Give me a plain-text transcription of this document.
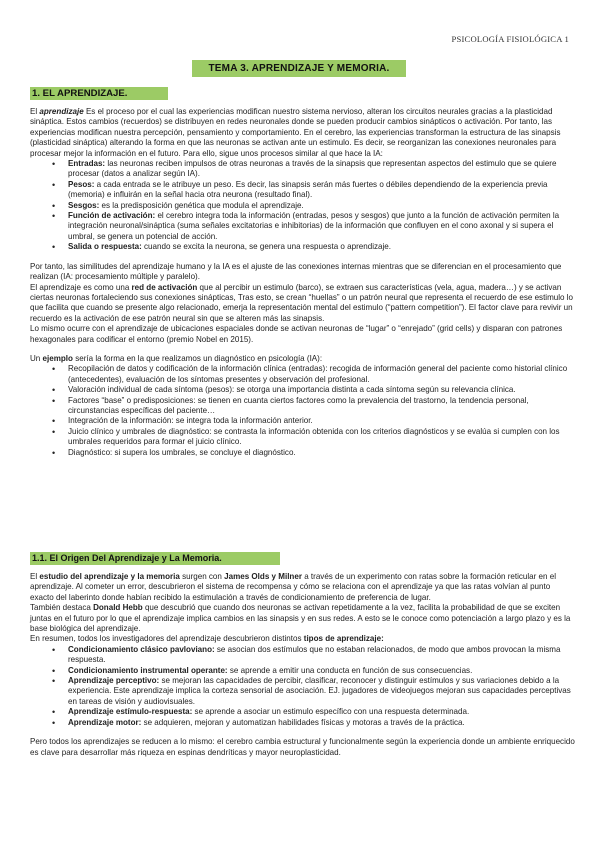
PSICOLOGÍA FISIOLÓGICA 1
TEMA 3. APRENDIZAJE Y MEMORIA.
1. EL APRENDIZAJE.

El aprendizaje Es el proceso por el cual las experiencias modifican nuestro sistema nervioso, alteran los circuitos neurales gracias a la plasticidad sináptica. Estos cambios (recuerdos) se distribuyen en redes neuronales donde se pueden producir cambios sinápticos o activación. Por tanto, las experiencias modifican nuestra percepción, pensamiento y comportamiento. En el cerebro, las experiencias transforman la estructura de las sinapsis (plasticidad sináptica) alterando la forma en que las neuronas se activan ante un estimulo. Es decir, se reorganizan las conexiones neuronales para procesar mejor la información en el futuro. Para ello, sigue unos procesos similar al que hace la IA:

• Entradas: las neuronas reciben impulsos de otras neuronas a través de la sinapsis que representan aspectos del estimulo que se quiere procesar (datos a analizar según IA).
• Pesos: a cada entrada se le atribuye un peso. Es decir, las sinapsis serán más fuertes o débiles dependiendo de la experiencia previa (memoria) e influirán en la señal hacia otra neurona (resultado final).
• Sesgos: es la predisposición genética que modula el aprendizaje.
• Función de activación: el cerebro integra toda la información (entradas, pesos y sesgos) que junto a la función de activación permiten la integración neuronal/sináptica (suma señales excitatorias e inhibitorias) de la información que confluyen en el cono axonal y si supera el umbral, se genera un potencial de acción.
• Salida o respuesta: cuando se excita la neurona, se genera una respuesta o aprendizaje.

Por tanto, las similitudes del aprendizaje humano y la IA es el ajuste de las conexiones internas mientras que se diferencian en el procesamiento que realizan (IA: procesamiento múltiple y paralelo).

El aprendizaje es como una red de activación que al percibir un estimulo (barco), se extraen sus características (vela, agua, madera…) y se activan ciertas neuronas fortaleciendo sus conexiones sinápticas, Tras esto, se crean “huellas” o un patrón neural que representa el recuerdo de ese estimulo lo que facilita que cuando se presente algo relacionado, emerja la representación mental del estimulo (“pattern competition”). El factor clave para revivir un recuerdo es la activación de ese patrón neural sin que se alteren más las sinapsis.

Lo mismo ocurre con el aprendizaje de ubicaciones espaciales donde se activan neuronas de “lugar” o “enrejado” (grid cells) y disparan con patrones hexagonales para codificar el entorno (premio Nobel en 2015).

Un ejemplo sería la forma en la que realizamos un diagnóstico en psicología (IA):

• Recopilación de datos y codificación de la información clínica (entradas): recogida de información general del paciente como historial clínico (antecedentes), evaluación de los síntomas presentes y observación del profesional.
• Valoración individual de cada síntoma (pesos): se otorga una importancia distinta a cada síntoma según su relevancia clínica.
• Factores “base” o predisposiciones: se tienen en cuanta ciertos factores como la prevalencia del trastorno, la tendencia personal, circunstancias específicas del paciente…
• Integración de la información: se integra toda la información anterior.
• Juicio clínico y umbrales de diagnóstico: se contrasta la información obtenida con los criterios diagnósticos y se evalúa si cumplen con los umbrales requeridos para formar el juicio clínico.
• Diagnóstico: si supera los umbrales, se concluye el diagnóstico.
1.1. El Origen Del Aprendizaje y La Memoria.

El estudio del aprendizaje y la memoria surgen con James Olds y Milner a través de un experimento con ratas sobre la formación reticular en el aprendizaje. Al cometer un error, descubrieron el sistema de recompensa y cómo se relaciona con el aprendizaje ya que las ratas volvían al punto exacto del laberinto donde habían recibido la estimulación a través de condicionamiento de preferencia de lugar.

También destaca Donald Hebb que descubrió que cuando dos neuronas se activan repetidamente a la vez, facilita la probabilidad de que se exciten juntas en el futuro por lo que el aprendizaje implica cambios en las sinapsis y en sus redes. A esto se le conoce como potenciación a largo plazo y es la base biológica del aprendizaje.

En resumen, todos los investigadores del aprendizaje descubrieron distintos tipos de aprendizaje:

• Condicionamiento clásico pavloviano: se asocian dos estímulos que no estaban relacionados, de modo que ambos provocan la misma respuesta.
• Condicionamiento instrumental operante: se aprende a emitir una conducta en función de sus consecuencias.
• Aprendizaje perceptivo: se mejoran las capacidades de percibir, clasificar, reconocer y distinguir estímulos y sus variaciones debido a la experiencia. Este aprendizaje implica la corteza sensorial de asociación. EJ. jugadores de videojuegos mejoran sus capacidades perceptivas en tareas de visión y audiovisuales.
• Aprendizaje estímulo-respuesta: se aprende a asociar un estimulo específico con una respuesta determinada.
• Aprendizaje motor: se adquieren, mejoran y automatizan habilidades físicas y motoras a través de la práctica.

Pero todos los aprendizajes se reducen a lo mismo: el cerebro cambia estructural y funcionalmente según la experiencia donde un ambiente enriquecido es clave para desarrollar más riqueza en espinas dendríticas y mayor neuroplasticidad.
